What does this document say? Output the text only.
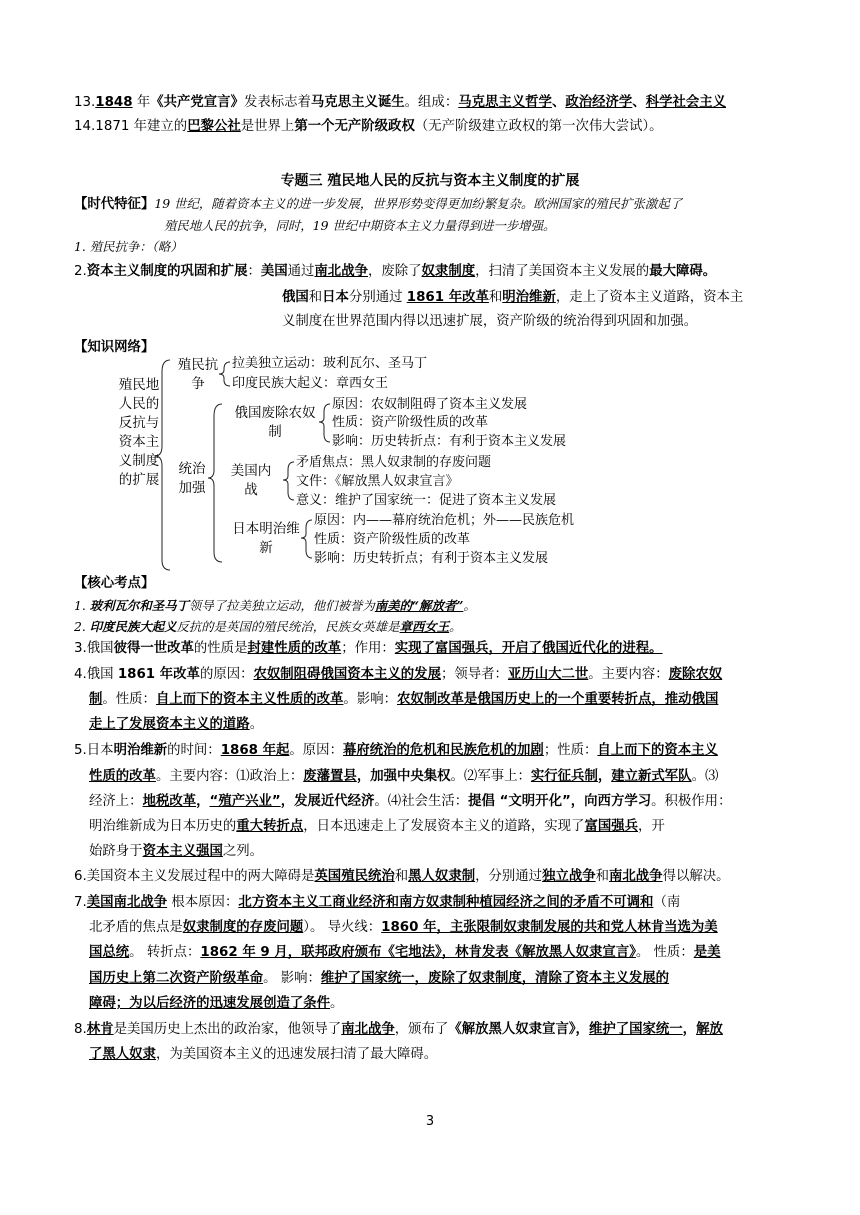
13.1848 年《共产党宣言》发表标志着马克思主义诞生。组成：马克思主义哲学、政治经济学、科学社会主义
14.1871 年建立的巴黎公社是世界上第一个无产阶级政权（无产阶级建立政权的第一次伟大尝试）。
专题三 殖民地人民的反抗与资本主义制度的扩展
【时代特征】19 世纪，随着资本主义的进一步发展，世界形势变得更加纷繁复杂。欧洲国家的殖民扩张激起了
殖民地人民的抗争，同时，19 世纪中期资本主义力量得到进一步增强。
1. 殖民抗争：（略）
2.资本主义制度的巩固和扩展：美国通过南北战争，废除了奴隶制度，扫清了美国资本主义发展的最大障碍。
俄国和日本分别通过 1861 年改革和明治维新，走上了资本主义道路，资本主
义制度在世界范围内得以迅速扩展，资产阶级的统治得到巩固和加强。
【知识网络】
殖民地人民的反抗与资本主义制度的扩展
殖民抗争
拉美独立运动：玻利瓦尔、圣马丁
印度民族大起义：章西女王
统治加强
俄国废除农奴制
原因：农奴制阻碍了资本主义发展
性质：资产阶级性质的改革
影响：历史转折点：有利于资本主义发展
美国内战
矛盾焦点：黑人奴隶制的存废问题
文件：《解放黑人奴隶宣言》
意义：维护了国家统一：促进了资本主义发展
日本明治维新
原因：内——幕府统治危机；外——民族危机
性质：资产阶级性质的改革
影响：历史转折点；有利于资本主义发展
【核心考点】
1. 玻利瓦尔和圣马丁领导了拉美独立运动，他们被誉为南美的“解放者”。
2. 印度民族大起义反抗的是英国的殖民统治，民族女英雄是章西女王。
3.俄国彼得一世改革的性质是封建性质的改革；作用：实现了富国强兵，开启了俄国近代化的进程。
4.俄国 1861 年改革的原因：农奴制阻碍俄国资本主义的发展；领导者：亚历山大二世。主要内容：废除农奴
制。性质：自上而下的资本主义性质的改革。影响：农奴制改革是俄国历史上的一个重要转折点，推动俄国
走上了发展资本主义的道路。
5.日本明治维新的时间：1868 年起。原因：幕府统治的危机和民族危机的加剧；性质：自上而下的资本主义
性质的改革。主要内容：⑴政治上：废藩置县，加强中央集权。⑵军事上：实行征兵制，建立新式军队。⑶
经济上：地税改革，“殖产兴业”，发展近代经济。⑷社会生活：提倡 “文明开化”，向西方学习。积极作用：
明治维新成为日本历史的重大转折点，日本迅速走上了发展资本主义的道路，实现了富国强兵，开
始跻身于资本主义强国之列。
6.美国资本主义发展过程中的两大障碍是英国殖民统治和黑人奴隶制，分别通过独立战争和南北战争得以解决。
7.美国南北战争 根本原因：北方资本主义工商业经济和南方奴隶制种植园经济之间的矛盾不可调和（南
北矛盾的焦点是奴隶制度的存废问题）。 导火线：1860 年，主张限制奴隶制发展的共和党人林肯当选为美
国总统。 转折点：1862 年 9 月，联邦政府颁布《宅地法》，林肯发表《解放黑人奴隶宣言》。 性质：是美
国历史上第二次资产阶级革命。 影响：维护了国家统一，废除了奴隶制度，清除了资本主义发展的
障碍；为以后经济的迅速发展创造了条件。
8.林肯是美国历史上杰出的政治家，他领导了南北战争，颁布了《解放黑人奴隶宣言》，维护了国家统一，解放
了黑人奴隶，为美国资本主义的迅速发展扫清了最大障碍。
3
